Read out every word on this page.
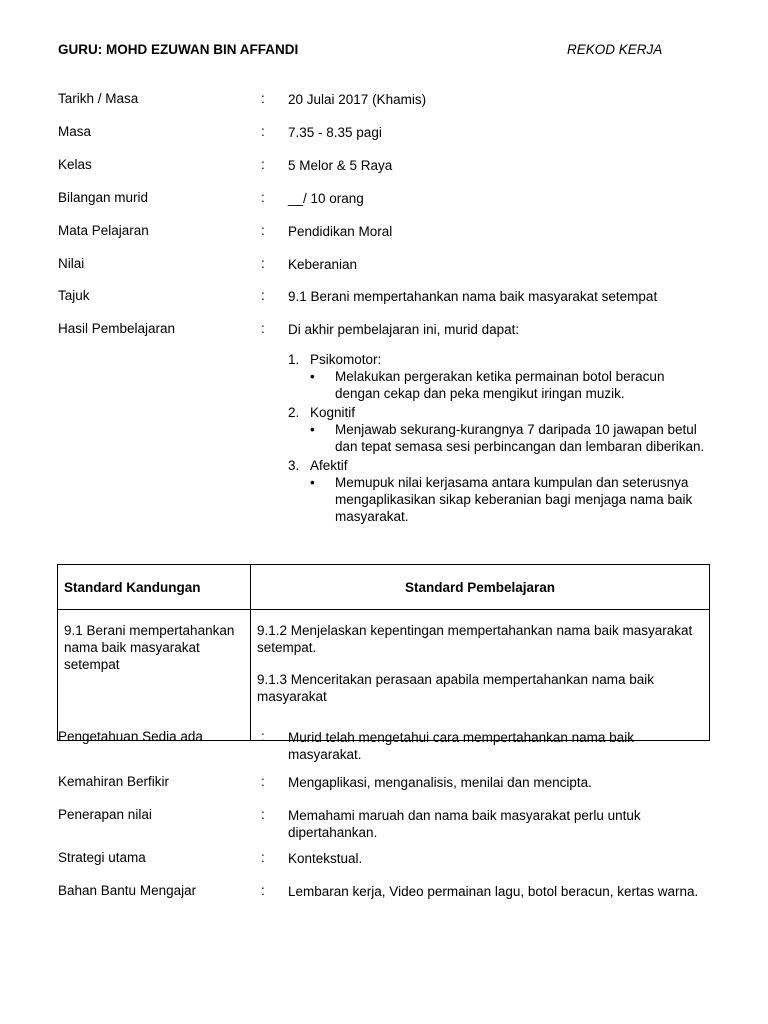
GURU: MOHD EZUWAN BIN AFFANDI	REKOD KERJA
Tarikh / Masa	: 20 Julai 2017 (Khamis)
Masa	: 7.35 - 8.35 pagi
Kelas	: 5 Melor & 5 Raya
Bilangan murid	: __/ 10 orang
Mata Pelajaran	: Pendidikan Moral
Nilai	: Keberanian
Tajuk	: 9.1 Berani mempertahankan nama baik masyarakat setempat
Hasil Pembelajaran	: Di akhir pembelajaran ini, murid dapat:
1. Psikomotor:
•	Melakukan pergerakan ketika permainan botol beracun dengan cekap dan peka mengikut iringan muzik.
2. Kognitif
•	Menjawab sekurang-kurangnya 7 daripada 10 jawapan betul dan tepat semasa sesi perbincangan dan lembaran diberikan.
3. Afektif
•	Memupuk nilai kerjasama antara kumpulan dan seterusnya mengaplikasikan sikap keberanian bagi menjaga nama baik masyarakat.
Standard Kandungan	Standard Pembelajaran
9.1 Berani mempertahankan nama baik masyarakat setempat	9.1.2 Menjelaskan kepentingan mempertahankan nama baik masyarakat setempat.

9.1.3 Menceritakan perasaan apabila mempertahankan nama baik masyarakat

Pengetahuan Sedia ada	: Murid telah mengetahui cara mempertahankan nama baik masyarakat.
Kemahiran Berfikir	: Mengaplikasi, menganalisis, menilai dan mencipta.
Penerapan nilai	: Memahami maruah dan nama baik masyarakat perlu untuk dipertahankan.
Strategi utama	: Kontekstual.
Bahan Bantu Mengajar	: Lembaran kerja, Video permainan lagu, botol beracun, kertas warna.
